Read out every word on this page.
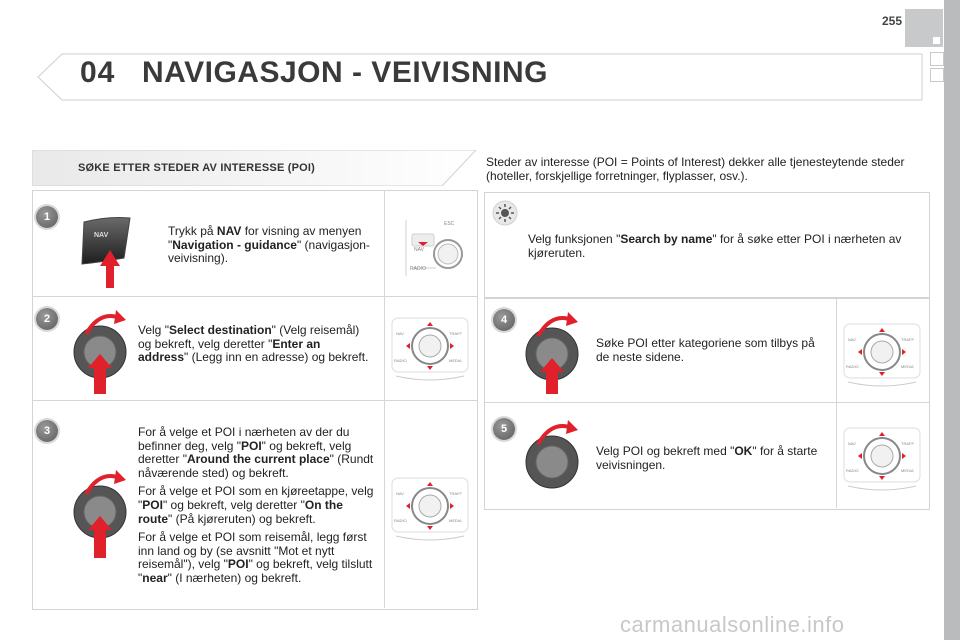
255
04 NAVIGASJON - VEIVISNING
SØKE ETTER STEDER AV INTERESSE (POI)	Steder av interesse (POI = Points of Interest) dekker alle tjenesteytende steder (hoteller, forskjellige forretninger, flyplasser, osv.).
1
2
3
NAV	Trykk på NAV for visning av menyen "Navigation - guidance" (navigasjon-veivisning).
ESC
NAV
RADIO
Velg "Select destination" (Velg reisemål) og bekreft, velg deretter "Enter an address" (Legg inn en adresse) og bekreft.
NAV	TRAFF
RADIO	MEDIA

For å velge et POI i nærheten av der du befinner deg, velg "POI" og bekreft, velg deretter "Around the current place" (Rundt nåværende sted) og bekreft.

For å velge et POI som en kjøreetappe, velg "POI" og bekreft, velg deretter "On the route" (På kjøreruten) og bekreft.

For å velge et POI som reisemål, legg først inn land og by (se avsnitt "Mot et nytt reisemål"), velg "POI" og bekreft, velg tilslutt "near" (I nærheten) og bekreft.

NAV	TRAFF
RADIO	MEDIA
Velg funksjonen "Search by name" for å søke etter POI i nærheten av kjøreruten.
4
5
Søke POI etter kategoriene som tilbys på de neste sidene.
NAV	TRAFF
RADIO	MEDIA
Velg POI og bekreft med "OK" for å starte veivisningen.
NAV	TRAFF
RADIO	MEDIA
carmanualsonline.info
